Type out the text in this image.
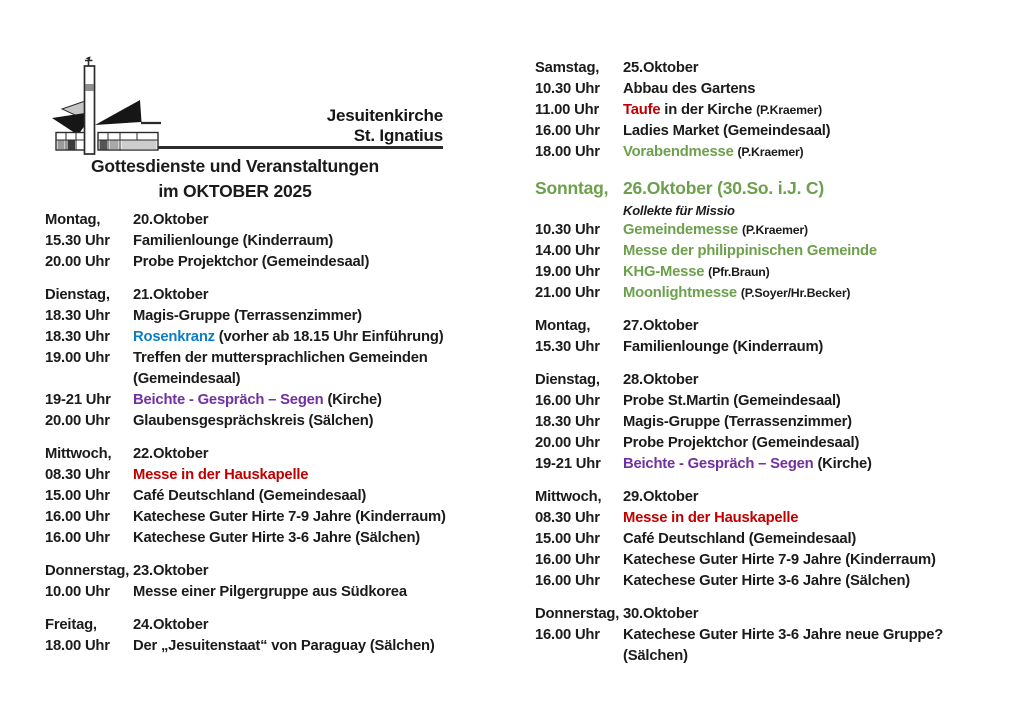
Jesuitenkirche
St. Ignatius
Gottesdienste und Veranstaltungen
im OKTOBER 2025
Montag,	20.Oktober
15.30 Uhr	Familienlounge (Kinderraum)
20.00 Uhr	Probe Projektchor (Gemeindesaal)
Dienstag,	21.Oktober
18.30 Uhr	Magis-Gruppe (Terrassenzimmer)
18.30 Uhr	Rosenkranz (vorher ab 18.15 Uhr Einführung)
19.00 Uhr	Treffen der muttersprachlichen Gemeinden
(Gemeindesaal)
19-21 Uhr	Beichte - Gespräch – Segen (Kirche)
20.00 Uhr	Glaubensgesprächskreis (Sälchen)
Mittwoch,	22.Oktober
08.30 Uhr	Messe in der Hauskapelle
15.00 Uhr	Café Deutschland (Gemeindesaal)
16.00 Uhr	Katechese Guter Hirte 7-9 Jahre (Kinderraum)
16.00 Uhr	Katechese Guter Hirte 3-6 Jahre (Sälchen)
Donnerstag, 23.Oktober
10.00 Uhr	Messe einer Pilgergruppe aus Südkorea
Freitag,	24.Oktober
18.00 Uhr	Der „Jesuitenstaat“ von Paraguay (Sälchen)
Samstag,	25.Oktober
10.30 Uhr	Abbau des Gartens
11.00 Uhr	Taufe in der Kirche (P.Kraemer)
16.00 Uhr	Ladies Market (Gemeindesaal)
18.00 Uhr	Vorabendmesse (P.Kraemer)
Sonntag, 26.Oktober (30.So. i.J. C)
Kollekte für Missio
10.30 Uhr	Gemeindemesse (P.Kraemer)
14.00 Uhr	Messe der philippinischen Gemeinde
19.00 Uhr	KHG-Messe (Pfr.Braun)
21.00 Uhr	Moonlightmesse (P.Soyer/Hr.Becker)
Montag,	27.Oktober
15.30 Uhr	Familienlounge (Kinderraum)
Dienstag,	28.Oktober
16.00 Uhr	Probe St.Martin (Gemeindesaal)
18.30 Uhr	Magis-Gruppe (Terrassenzimmer)
20.00 Uhr	Probe Projektchor (Gemeindesaal)
19-21 Uhr	Beichte - Gespräch – Segen (Kirche)
Mittwoch,	29.Oktober
08.30 Uhr	Messe in der Hauskapelle
15.00 Uhr	Café Deutschland (Gemeindesaal)
16.00 Uhr	Katechese Guter Hirte 7-9 Jahre (Kinderraum)
16.00 Uhr	Katechese Guter Hirte 3-6 Jahre (Sälchen)
Donnerstag, 30.Oktober
16.00 Uhr	Katechese Guter Hirte 3-6 Jahre neue Gruppe?
(Sälchen)
